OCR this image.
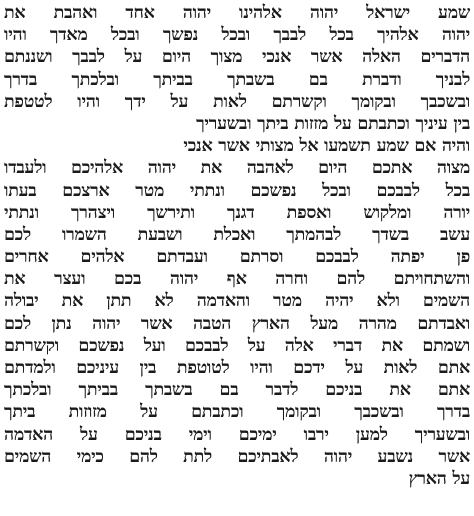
שמע ישראל יהוה אלהינו יהוה אחד ואהבת את
יהוה אלהיך בכל לבבך ובכל נפשך ובכל מאדך והיו
הדברים האלה אשר אנכי מצוך היום על לבבך ושננתם
לבניך ודברת בם בשבתך בביתך ובלכתך בדרך
ובשכבך ובקומך וקשרתם לאות על ידך והיו לטטפת
בין עיניך וכתבתם על מזזות ביתך ובשעריך
והיה אם שמע תשמעו אל מצותי אשר אנכי
מצוה אתכם היום לאהבה את יהוה אלהיכם ולעבדו
בכל לבבכם ובכל נפשכם ונתתי מטר ארצכם בעתו
יורה ומלקוש ואספת דגנך ותירשך ויצהרך ונתתי
עשב בשדך לבהמתך ואכלת ושבעת השמרו לכם
פן יפתה לבבכם וסרתם ועבדתם אלהים אחרים
והשתחויתם להם וחרה אף יהוה בכם ועצר את
השמים ולא יהיה מטר והאדמה לא תתן את יבולה
ואבדתם מהרה מעל הארץ הטבה אשר יהוה נתן לכם
ושמתם את דברי אלה על לבבכם ועל נפשכם וקשרתם
אתם לאות על ידכם והיו לטוטפת בין עיניכם ולמדתם
אתם את בניכם לדבר בם בשבתך בביתך ובלכתך
בדרך ובשכבך ובקומך וכתבתם על מזוזות ביתך
ובשעריך למען ירבו ימיכם וימי בניכם על האדמה
אשר נשבע יהוה לאבתיכם לתת להם כימי השמים
על הארץ
